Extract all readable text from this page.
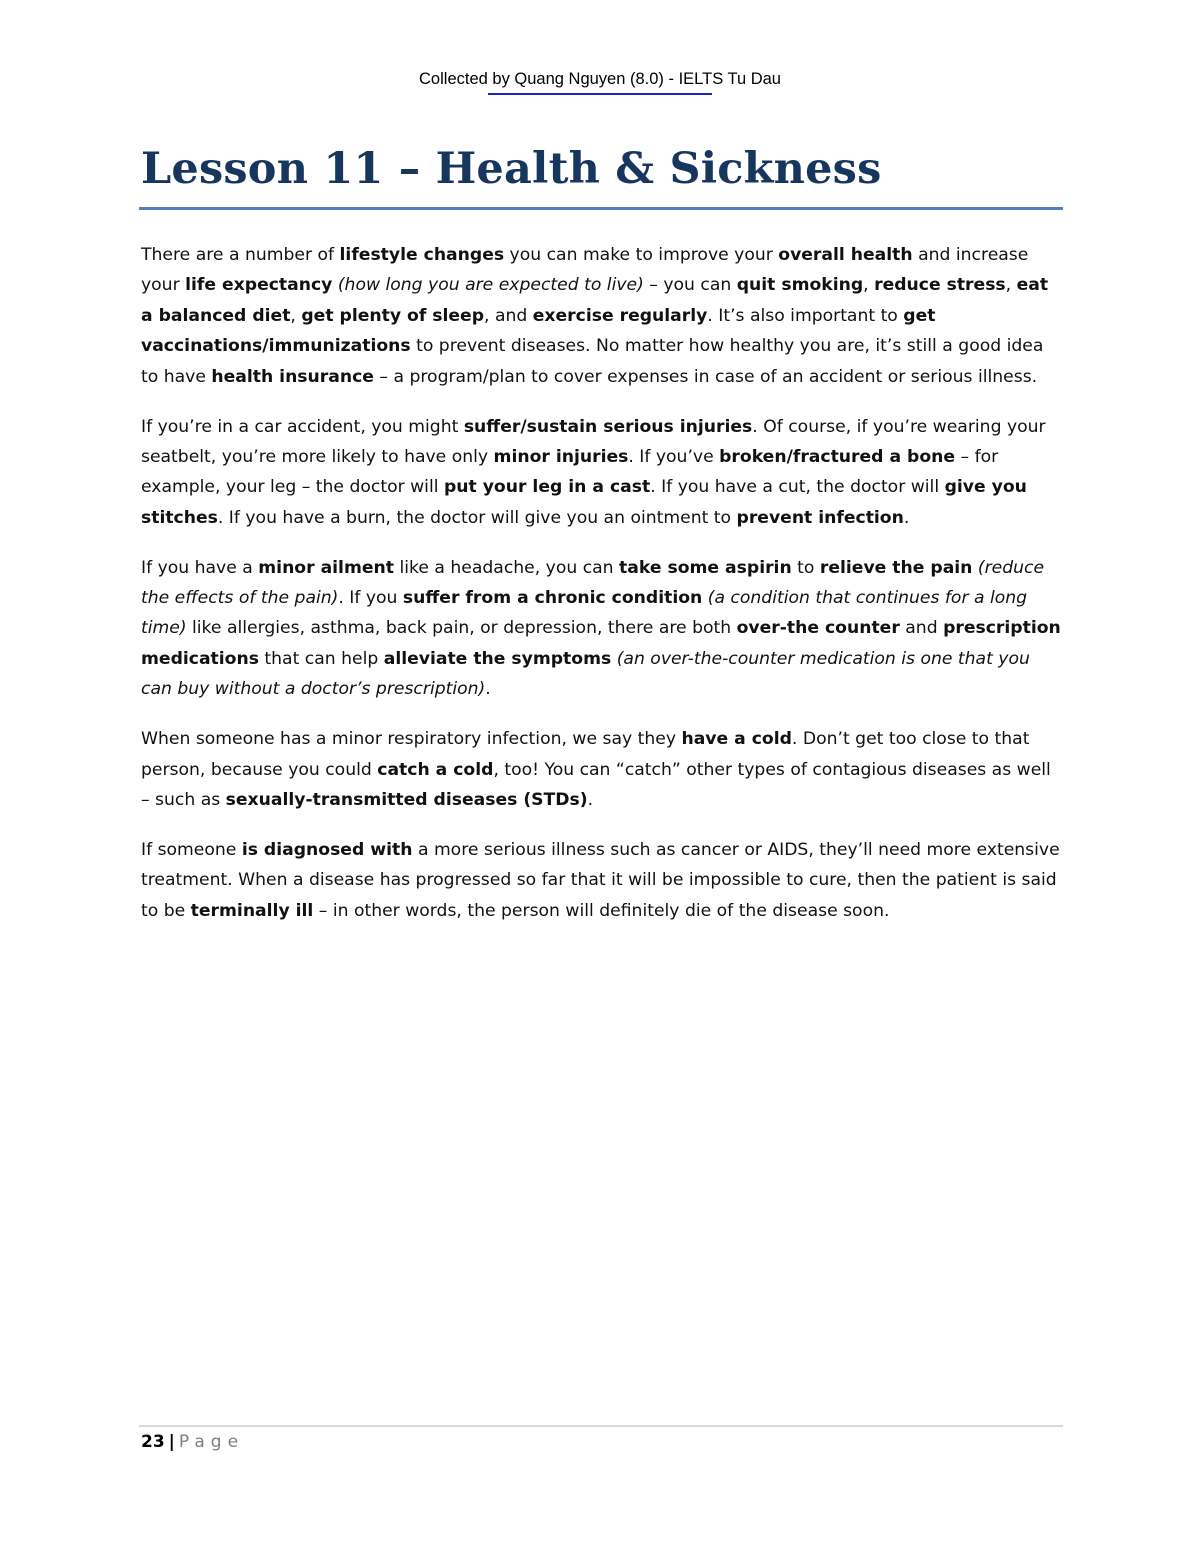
Collected by Quang Nguyen (8.0) - IELTS Tu Dau
Lesson 11 – Health & Sickness

There are a number of lifestyle changes you can make to improve your overall health and increase your life expectancy (how long you are expected to live) – you can quit smoking, reduce stress, eat a balanced diet, get plenty of sleep, and exercise regularly. It’s also important to get vaccinations/immunizations to prevent diseases. No matter how healthy you are, it’s still a good idea to have health insurance – a program/plan to cover expenses in case of an accident or serious illness.

If you’re in a car accident, you might suffer/sustain serious injuries. Of course, if you’re wearing your seatbelt, you’re more likely to have only minor injuries. If you’ve broken/fractured a bone – for example, your leg – the doctor will put your leg in a cast. If you have a cut, the doctor will give you stitches. If you have a burn, the doctor will give you an ointment to prevent infection.

If you have a minor ailment like a headache, you can take some aspirin to relieve the pain (reduce the effects of the pain). If you suffer from a chronic condition (a condition that continues for a long time) like allergies, asthma, back pain, or depression, there are both over-the counter and prescription medications that can help alleviate the symptoms (an over-the-counter medication is one that you can buy without a doctor’s prescription).

When someone has a minor respiratory infection, we say they have a cold. Don’t get too close to that person, because you could catch a cold, too! You can “catch” other types of contagious diseases as well – such as sexually-transmitted diseases (STDs).

If someone is diagnosed with a more serious illness such as cancer or AIDS, they’ll need more extensive treatment. When a disease has progressed so far that it will be impossible to cure, then the patient is said to be terminally ill – in other words, the person will definitely die of the disease soon.

23 | Page
